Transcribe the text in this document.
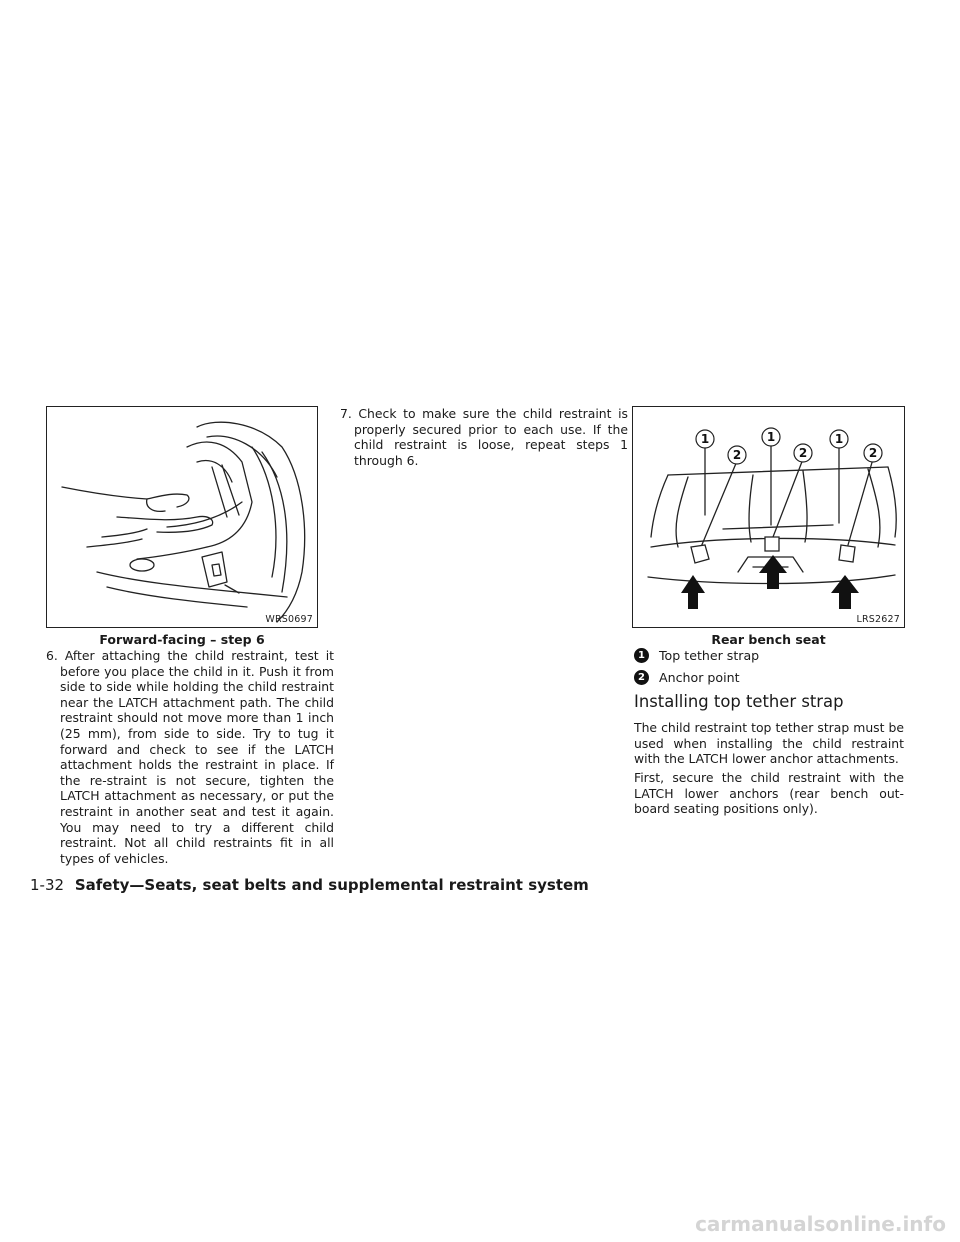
WRS0697
Forward-facing – step 6
6. After attaching the child restraint, test it before you place the child in it. Push it from side to side while holding the child restraint near the LATCH attachment path. The child restraint should not move more than 1 inch (25 mm), from side to side. Try to tug it forward and check to see if the LATCH attachment holds the restraint in place. If the re-straint is not secure, tighten the LATCH attachment as necessary, or put the restraint in another seat and test it again. You may need to try a different child restraint. Not all child restraints fit in all types of vehicles.
7. Check to make sure the child restraint is properly secured prior to each use. If the child restraint is loose, repeat steps 1 through 6.
1
2
1
2
1
2
LRS2627
Rear bench seat
1	Top tether strap
2	Anchor point
Installing top tether strap
The child restraint top tether strap must be used when installing the child restraint with the LATCH lower anchor attachments.
First, secure the child restraint with the LATCH lower anchors (rear bench out-board seating positions only).
1-32 Safety—Seats, seat belts and supplemental restraint system
carmanualsonline.info
